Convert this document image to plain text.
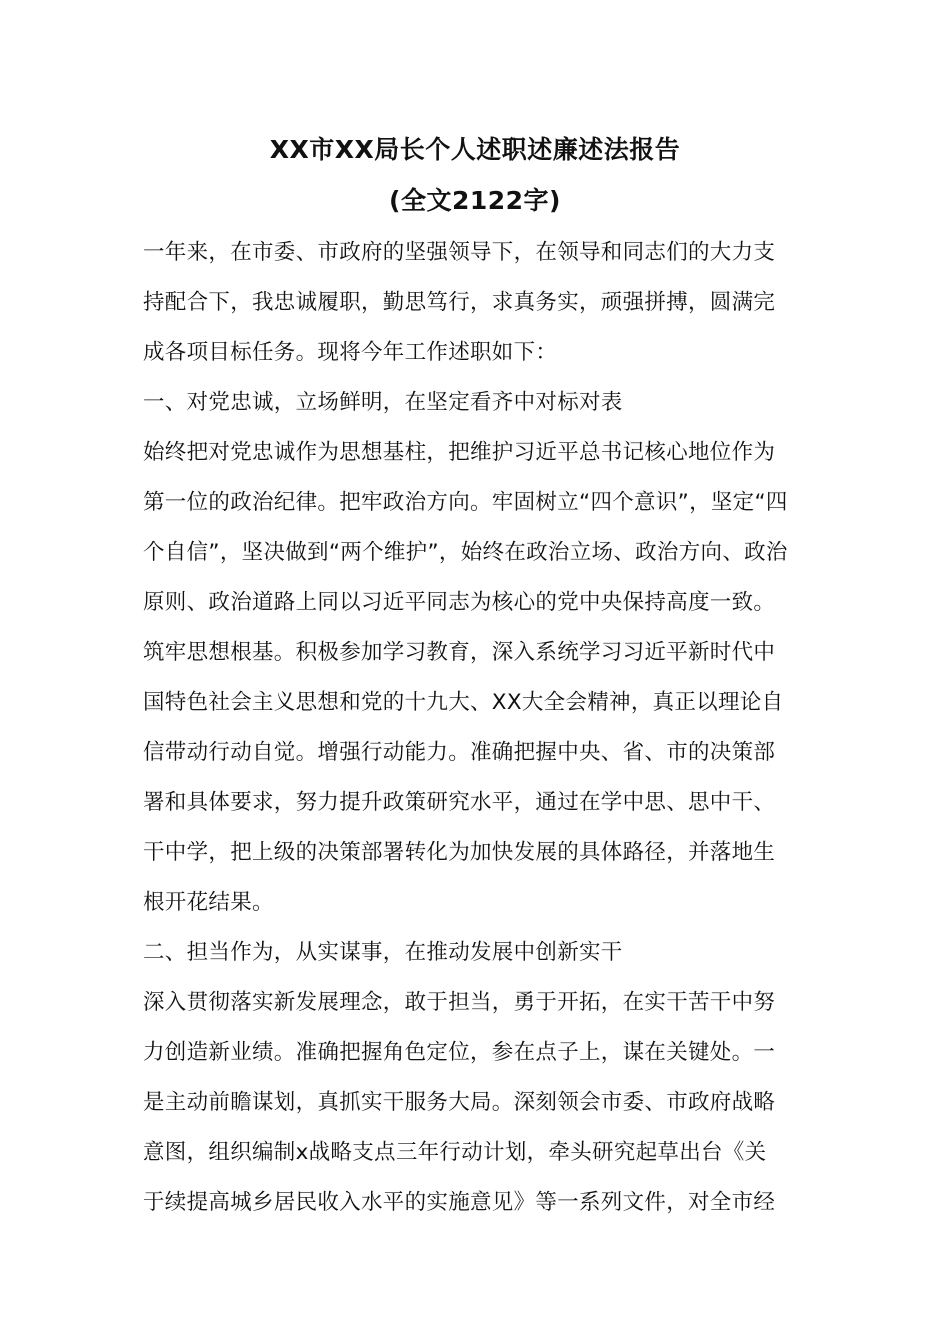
XX市XX局长个人述职述廉述法报告
(全文2122字)
一年来，在市委、市政府的坚强领导下，在领导和同志们的大力支
持配合下，我忠诚履职，勤思笃行，求真务实，顽强拼搏，圆满完
成各项目标任务。现将今年工作述职如下：
一、对党忠诚，立场鲜明，在坚定看齐中对标对表
始终把对党忠诚作为思想基柱，把维护习近平总书记核心地位作为
第一位的政治纪律。把牢政治方向。牢固树立“四个意识”，坚定“四
个自信”，坚决做到“两个维护”，始终在政治立场、政治方向、政治
原则、政治道路上同以习近平同志为核心的党中央保持高度一致。
筑牢思想根基。积极参加学习教育，深入系统学习习近平新时代中
国特色社会主义思想和党的十九大、XX大全会精神，真正以理论自
信带动行动自觉。增强行动能力。准确把握中央、省、市的决策部
署和具体要求，努力提升政策研究水平，通过在学中思、思中干、
干中学，把上级的决策部署转化为加快发展的具体路径，并落地生
根开花结果。
二、担当作为，从实谋事，在推动发展中创新实干
深入贯彻落实新发展理念，敢于担当，勇于开拓，在实干苦干中努
力创造新业绩。准确把握角色定位，参在点子上，谋在关键处。一
是主动前瞻谋划，真抓实干服务大局。深刻领会市委、市政府战略
意图，组织编制x战略支点三年行动计划，牵头研究起草出台《关
于续提高城乡居民收入水平的实施意见》等一系列文件，对全市经
